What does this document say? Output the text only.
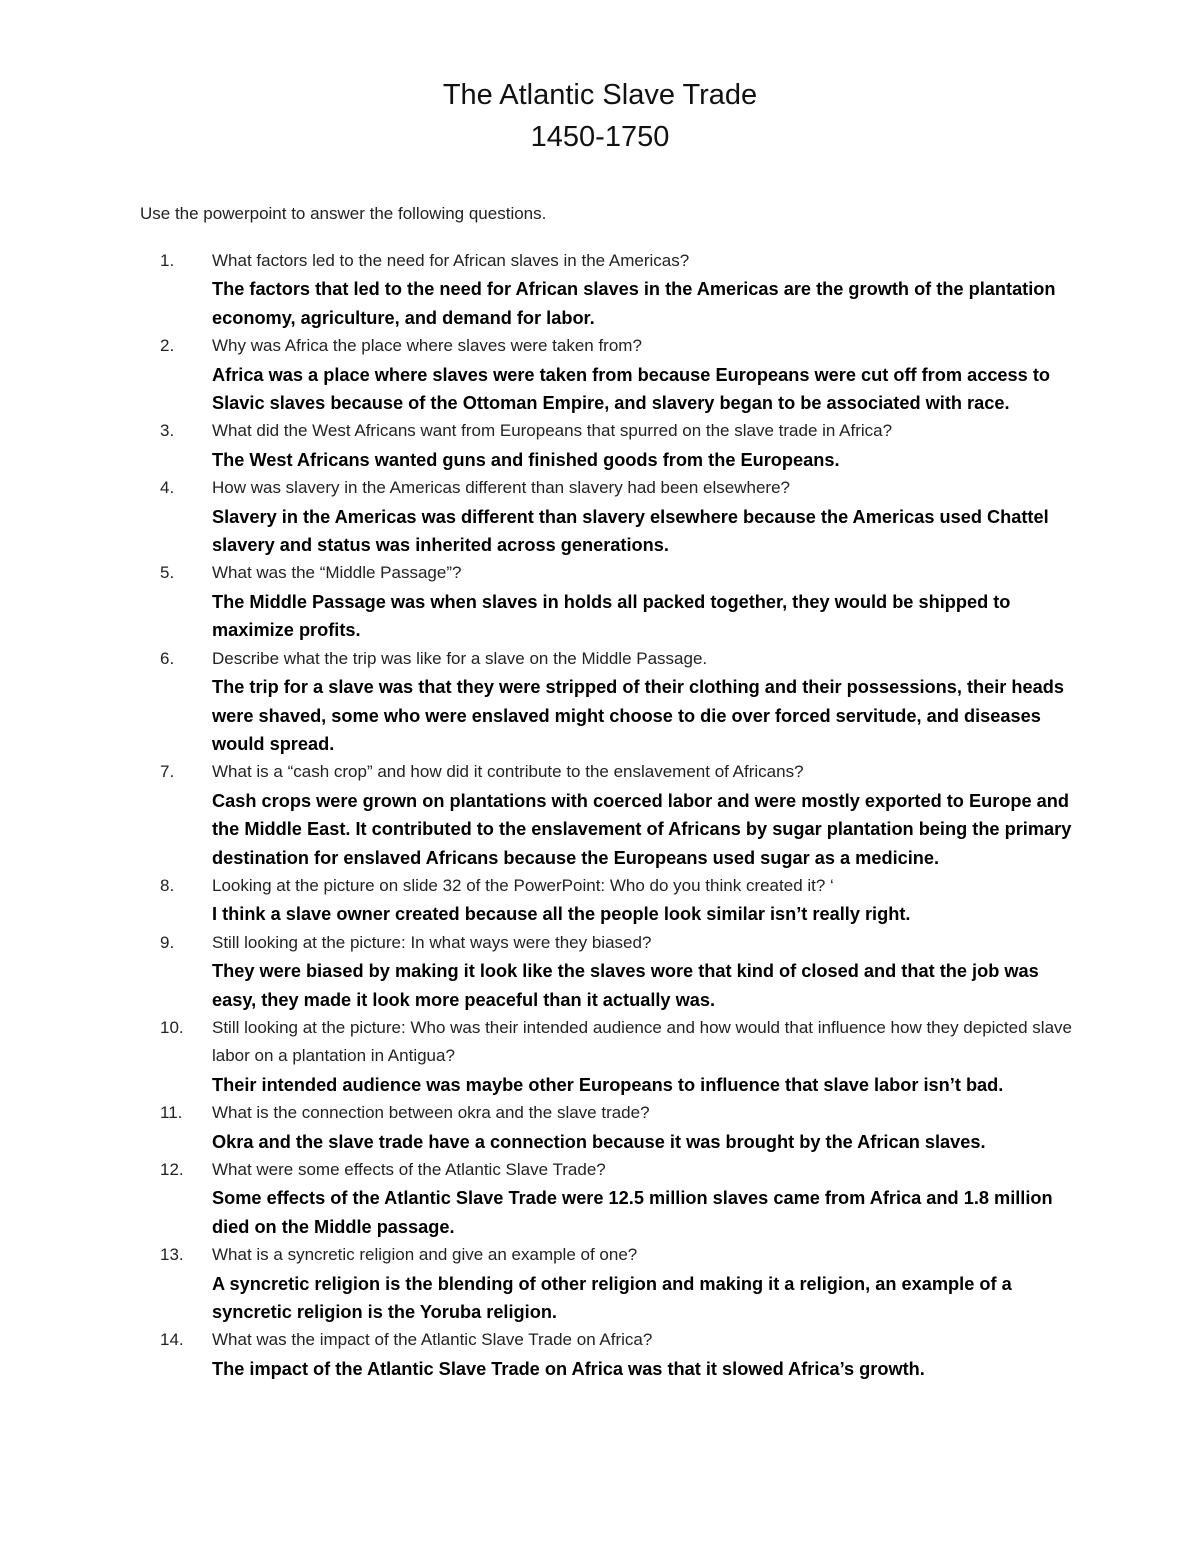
The Atlantic Slave Trade
1450-1750
Use the powerpoint to answer the following questions.
1.	What factors led to the need for African slaves in the Americas?

The factors that led to the need for African slaves in the Americas are the growth of the plantation economy, agriculture, and demand for labor.

2.	Why was Africa the place where slaves were taken from?

Africa was a place where slaves were taken from because Europeans were cut off from access to Slavic slaves because of the Ottoman Empire, and slavery began to be associated with race.

3.	What did the West Africans want from Europeans that spurred on the slave trade in Africa?

The West Africans wanted guns and finished goods from the Europeans.

4.	How was slavery in the Americas different than slavery had been elsewhere?

Slavery in the Americas was different than slavery elsewhere because the Americas used Chattel slavery and status was inherited across generations.

5.	What was the “Middle Passage”?

The Middle Passage was when slaves in holds all packed together, they would be shipped to maximize profits.

6.	Describe what the trip was like for a slave on the Middle Passage.

The trip for a slave was that they were stripped of their clothing and their possessions, their heads were shaved, some who were enslaved might choose to die over forced servitude, and diseases would spread.

7.	What is a “cash crop” and how did it contribute to the enslavement of Africans?

Cash crops were grown on plantations with coerced labor and were mostly exported to Europe and the Middle East. It contributed to the enslavement of Africans by sugar plantation being the primary destination for enslaved Africans because the Europeans used sugar as a medicine.

8.	Looking at the picture on slide 32 of the PowerPoint: Who do you think created it? ‘

I think a slave owner created because all the people look similar isn’t really right.

9.	Still looking at the picture: In what ways were they biased?

They were biased by making it look like the slaves wore that kind of closed and that the job was easy, they made it look more peaceful than it actually was.

10.	Still looking at the picture: Who was their intended audience and how would that influence how they depicted slave labor on a plantation in Antigua?

Their intended audience was maybe other Europeans to influence that slave labor isn’t bad.

11.	What is the connection between okra and the slave trade?

Okra and the slave trade have a connection because it was brought by the African slaves.

12.	What were some effects of the Atlantic Slave Trade?

Some effects of the Atlantic Slave Trade were 12.5 million slaves came from Africa and 1.8 million died on the Middle passage.

13.	What is a syncretic religion and give an example of one?

A syncretic religion is the blending of other religion and making it a religion, an example of a syncretic religion is the Yoruba religion.

14.	What was the impact of the Atlantic Slave Trade on Africa?

The impact of the Atlantic Slave Trade on Africa was that it slowed Africa’s growth.
